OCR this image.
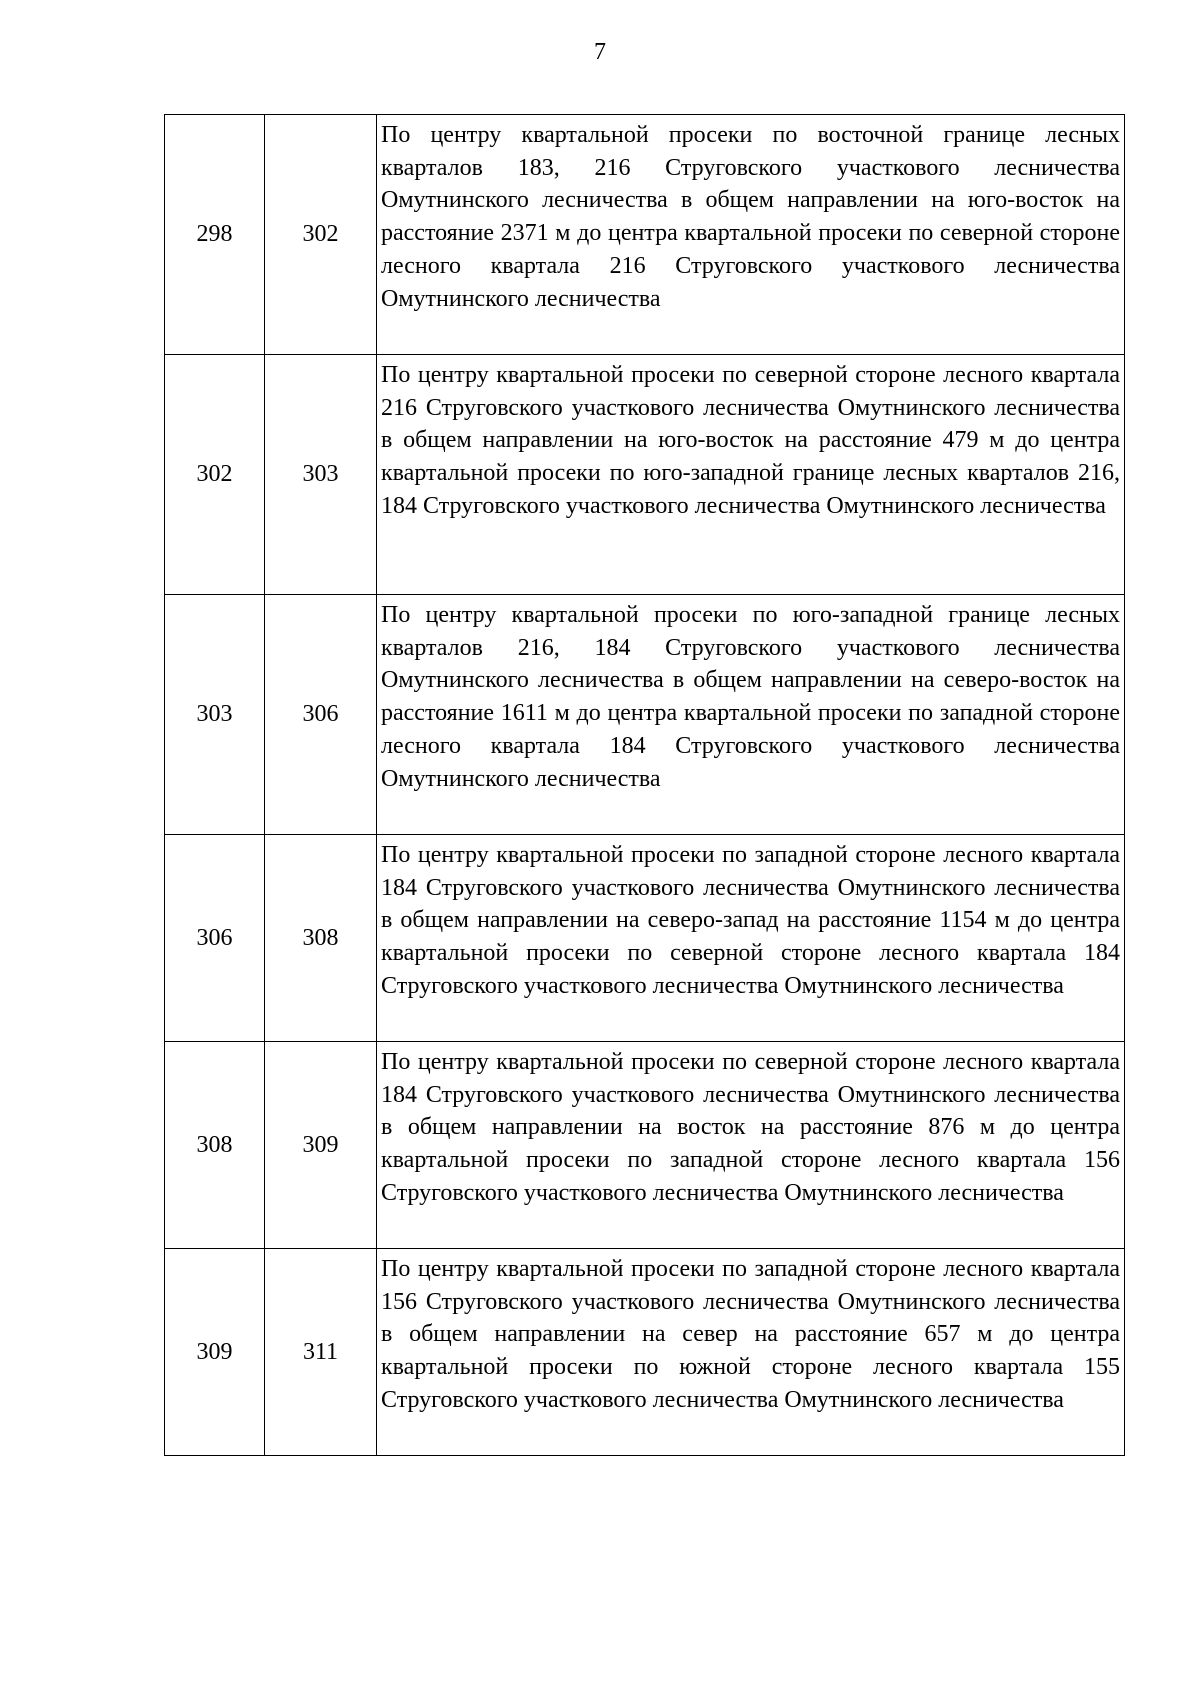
7
298	302	По центру квартальной просеки по восточной границе лесных кварталов 183, 216 Струговского участкового лесничества Омутнинского лесничества в общем направлении на юго-восток на расстояние 2371 м до центра квартальной просеки по северной стороне лесного квартала 216 Струговского участкового лесничества Омутнинского лесничества
302	303	По центру квартальной просеки по северной стороне лесного квартала 216 Струговского участкового лесничества Омутнинского лесничества в общем направлении на юго-восток на расстояние 479 м до центра квартальной просеки по юго-западной границе лесных кварталов 216, 184 Струговского участкового лесничества Омутнинского лесничества
303	306	По центру квартальной просеки по юго-западной границе лесных кварталов 216, 184 Струговского участкового лесничества Омутнинского лесничества в общем направлении на северо-восток на расстояние 1611 м до центра квартальной просеки по западной стороне лесного квартала 184 Струговского участкового лесничества Омутнинского лесничества
306	308	По центру квартальной просеки по западной стороне лесного квартала 184 Струговского участкового лесничества Омутнинского лесничества в общем направлении на северо-запад на расстояние 1154 м до центра квартальной просеки по северной стороне лесного квартала 184 Струговского участкового лесничества Омутнинского лесничества
308	309	По центру квартальной просеки по северной стороне лесного квартала 184 Струговского участкового лесничества Омутнинского лесничества в общем направлении на восток на расстояние 876 м до центра квартальной просеки по западной стороне лесного квартала 156 Струговского участкового лесничества Омутнинского лесничества
309	311	По центру квартальной просеки по западной стороне лесного квартала 156 Струговского участкового лесничества Омутнинского лесничества в общем направлении на север на расстояние 657 м до центра квартальной просеки по южной стороне лесного квартала 155 Струговского участкового лесничества Омутнинского лесничества
